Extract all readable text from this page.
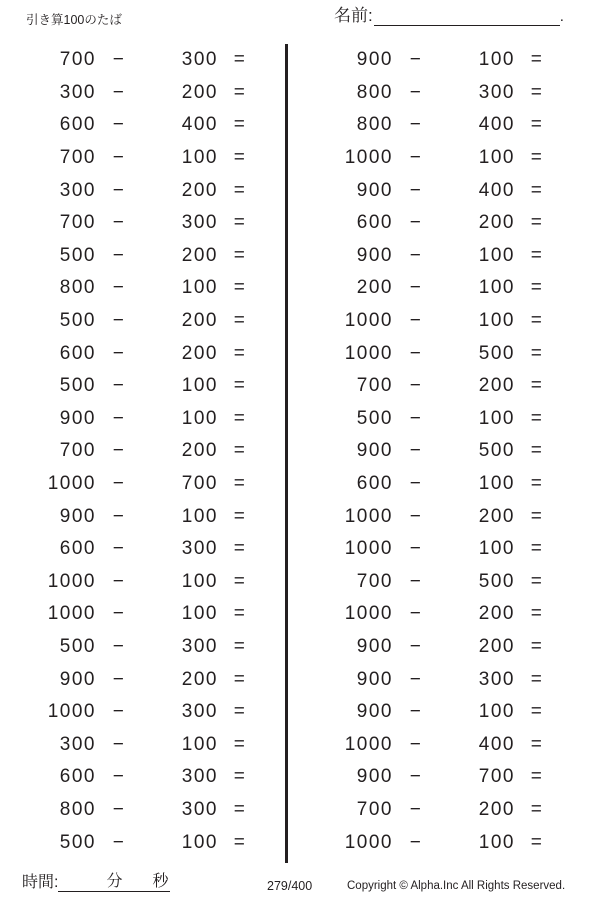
引き算100のたば	名前:	.
700 −	300 =
300 −	200 =
600 −	400 =
700 −	100 =
300 −	200 =
700 −	300 =
500 −	200 =
800 −	100 =
500 −	200 =
600 −	200 =
500 −	100 =
900 −	100 =
700 −	200 =
1000 −	700 =
900 −	100 =
600 −	300 =
1000 −	100 =
1000 −	100 =
500 −	300 =
900 −	200 =
1000 −	300 =
300 −	100 =
600 −	300 =
800 −	300 =
500 −	100 =
900 −	100 =
800 −	300 =
800 −	400 =
1000 −	100 =
900 −	400 =
600 −	200 =
900 −	100 =
200 −	100 =
1000 −	100 =
1000 −	500 =
700 −	200 =
500 −	100 =
900 −	500 =
600 −	100 =
1000 −	200 =
1000 −	100 =
700 −	500 =
1000 −	200 =
900 −	200 =
900 −	300 =
900 −	100 =
1000 −	400 =
900 −	700 =
700 −	200 =
1000 −	100 =
時間:	分 秒	279/400	Copyright © Alpha.Inc All Rights Reserved.
